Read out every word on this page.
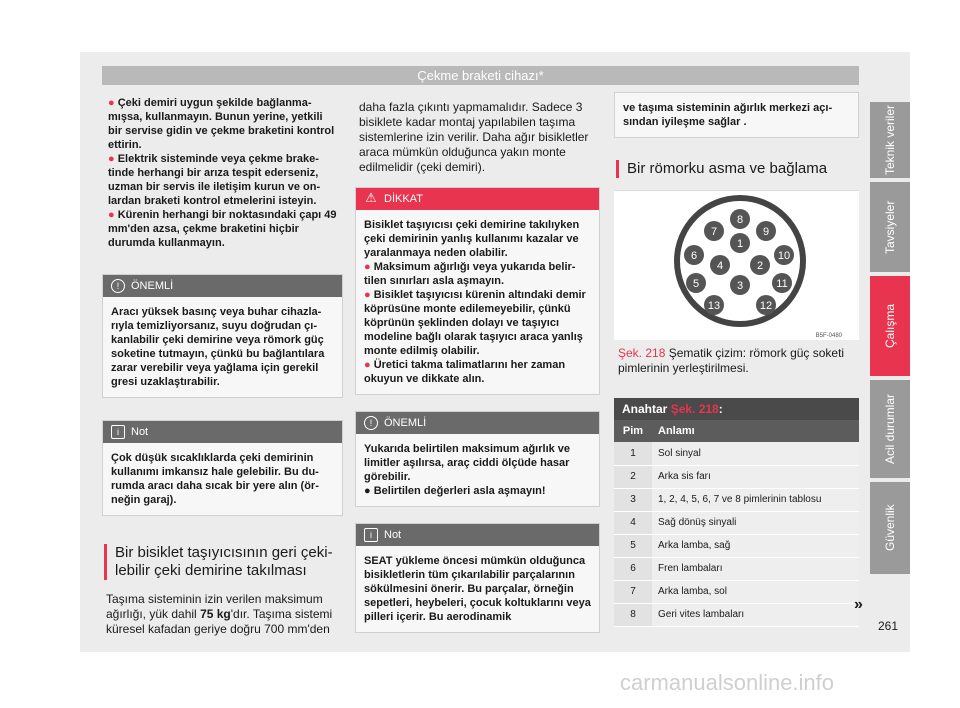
Çekme braketi cihazı*

● Çeki demiri uygun şekilde bağlanmamışsa, kullanmayın. Bunun yerine, yetkili bir servise gidin ve çekme braketini kontrol ettirin.

● Elektrik sisteminde veya çekme braketinde herhangi bir arıza tespit ederseniz, uzman bir servis ile iletişim kurun ve onlardan braketi kontrol etmelerini isteyin.

● Kürenin herhangi bir noktasındaki çapı 49 mm'den azsa, çekme braketini hiçbir durumda kullanmayın.

!	ÖNEMLİ
Aracı yüksek basınç veya buhar cihazlarıyla temizliyorsanız, suyu doğrudan çıkanlabilir çeki demirine veya römork güç soketine tutmayın, çünkü bu bağlantılara zarar verebilir veya yağlama için gerekil gresi uzaklaştırabilir.
i	Not
Çok düşük sıcaklıklarda çeki demirinin kullanımı imkansız hale gelebilir. Bu durumda aracı daha sıcak bir yere alın (örneğin garaj).
Bir bisiklet taşıyıcısının geri çekilebilir çeki demirine takılması
Taşıma sisteminin izin verilen maksimum ağırlığı, yük dahil 75 kg'dır. Taşıma sistemi küresel kafadan geriye doğru 700 mm'den
daha fazla çıkıntı yapmamalıdır. Sadece 3 bisiklete kadar montaj yapılabilen taşıma sistemlerine izin verilir. Daha ağır bisikletler araca mümkün olduğunca yakın monte edilmelidir (çeki demiri).
⚠ DİKKAT

Bisiklet taşıyıcısı çeki demirine takılıyken çeki demirinin yanlış kullanımı kazalar ve yaralanmaya neden olabilir.

● Maksimum ağırlığı veya yukarıda belirtilen sınırları asla aşmayın.

● Bisiklet taşıyıcısı kürenin altındaki demir köprüsüne monte edilemeyebilir, çünkü köprünün şeklinden dolayı ve taşıyıcı modeline bağlı olarak taşıyıcı araca yanlış monte edilmiş olabilir.

● Üretici takma talimatlarını her zaman okuyun ve dikkate alın.

!	ÖNEMLİ

Yukarıda belirtilen maksimum ağırlık ve limitler aşılırsa, araç ciddi ölçüde hasar görebilir.

● Belirtilen değerleri asla aşmayın!

i	Not
SEAT yükleme öncesi mümkün olduğunca bisikletlerin tüm çıkarılabilir parçalarının sökülmesini önerir. Bu parçalar, örneğin sepetleri, heybeleri, çocuk koltuklarını veya pilleri içerir. Bu aerodinamik
ve taşıma sisteminin ağırlık merkezi açısından iyileşme sağlar .
Bir römorku asma ve bağlama
1
2
3
4
5
6
7
8
9
10
11
12
13
B5F-0480
Şek. 218 Şematik çizim: römork güç soketi pimlerinin yerleştirilmesi.
Anahtar Şek. 218:
Pim	Anlamı
1	Sol sinyal
2	Arka sis farı
3	1, 2, 4, 5, 6, 7 ve 8 pimlerinin tablosu
4	Sağ dönüş sinyali
5	Arka lamba, sağ
6	Fren lambaları
7	Arka lamba, sol
8	Geri vites lambaları
»
Teknik veriler
Tavsiyeler
Çalışma
Acil durumlar
Güvenlik
261
carmanualsonline.info
